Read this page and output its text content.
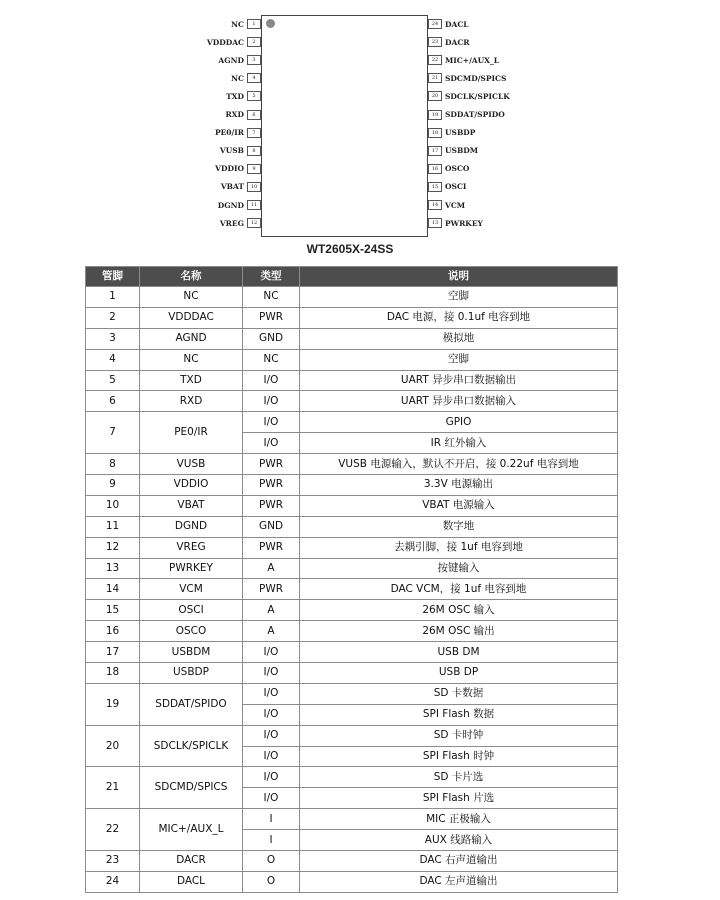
NC	1
VDDDAC	2
AGND	3
NC	4
TXD	5
RXD	6
PE0/IR	7
VUSB	8
VDDIO	9
VBAT	10
DGND	11
VREG	12
24 DACL
23 DACR
22 MIC+/AUX_L
21 SDCMD/SPICS
20 SDCLK/SPICLK
19 SDDAT/SPIDO
18 USBDP
17 USBDM
16 OSCO
15 OSCI
14 VCM
13 PWRKEY
WT2605X-24SS
管脚	名称	类型	说明
1	NC	NC	空脚
2	VDDDAC	PWR	DAC 电源，接 0.1uf 电容到地
3	AGND	GND	模拟地
4	NC	NC	空脚
5	TXD	I/O	UART 异步串口数据输出
6	RXD	I/O	UART 异步串口数据输入
7	PE0/IR	I/O	GPIO
		I/O	IR 红外输入
8	VUSB	PWR	VUSB 电源输入，默认不开启，接 0.22uf 电容到地
9	VDDIO	PWR	3.3V 电源输出
10	VBAT	PWR	VBAT 电源输入
11	DGND	GND	数字地
12	VREG	PWR	去耦引脚，接 1uf 电容到地
13	PWRKEY	A	按键输入
14	VCM	PWR	DAC VCM，接 1uf 电容到地
15	OSCI	A	26M OSC 输入
16	OSCO	A	26M OSC 输出
17	USBDM	I/O	USB DM
18	USBDP	I/O	USB DP
19	SDDAT/SPIDO	I/O	SD 卡数据
		I/O	SPI Flash 数据
20	SDCLK/SPICLK	I/O	SD 卡时钟
		I/O	SPI Flash 时钟
21	SDCMD/SPICS	I/O	SD 卡片选
		I/O	SPI Flash 片选
22	MIC+/AUX_L	I	MIC 正极输入
		I	AUX 线路输入
23	DACR	O	DAC 右声道输出
24	DACL	O	DAC 左声道输出
